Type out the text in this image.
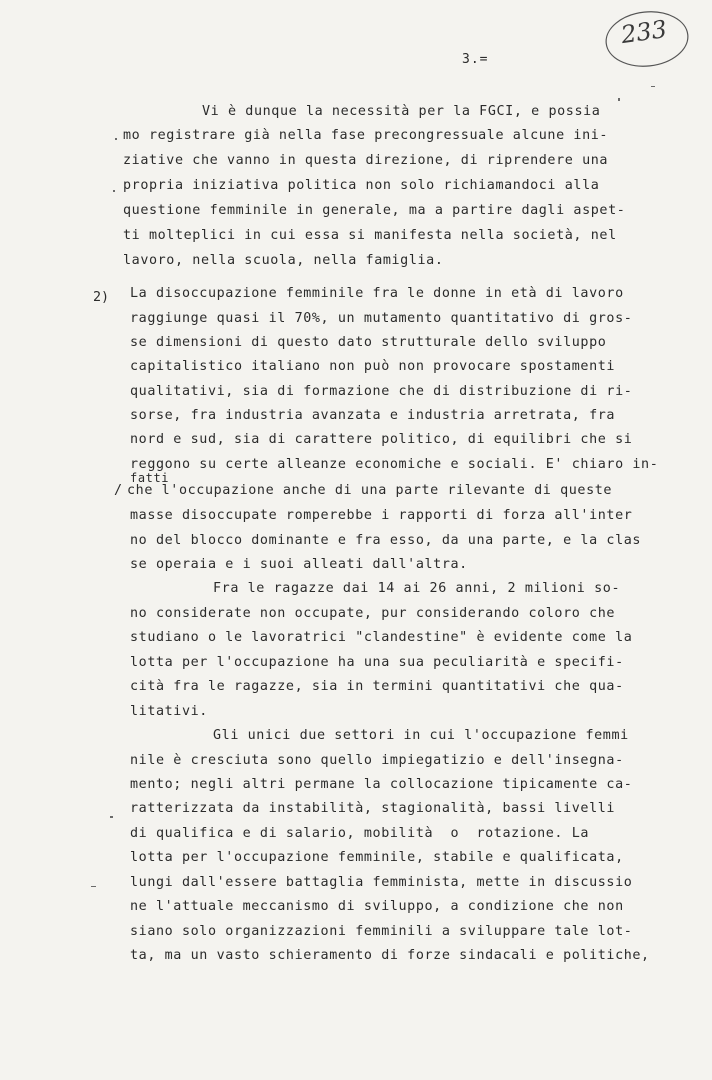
233
3.=
2)
/
Vi è dunque la necessità per la FGCI, e possia
mo registrare già nella fase precongressuale alcune ini-
ziative che vanno in questa direzione, di riprendere una
propria iniziativa politica non solo richiamandoci alla
questione femminile in generale, ma a partire dagli aspet-
ti molteplici in cui essa si manifesta nella società, nel
lavoro, nella scuola, nella famiglia.
La disoccupazione femminile fra le donne in età di lavoro
raggiunge quasi il 70%, un mutamento quantitativo di gros-
se dimensioni di questo dato strutturale dello sviluppo
capitalistico italiano non può non provocare spostamenti
qualitativi, sia di formazione che di distribuzione di ri-
sorse, fra industria avanzata e industria arretrata, fra
nord e sud, sia di carattere politico, di equilibri che si
reggono su certe alleanze economiche e sociali. E' chiaro in-
fatti
che l'occupazione anche di una parte rilevante di queste
masse disoccupate romperebbe i rapporti di forza all'inter
no del blocco dominante e fra esso, da una parte, e la clas
se operaia e i suoi alleati dall'altra.
Fra le ragazze dai 14 ai 26 anni, 2 milioni so-
no considerate non occupate, pur considerando coloro che
studiano o le lavoratrici "clandestine" è evidente come la
lotta per l'occupazione ha una sua peculiarità e specifi-
cità fra le ragazze, sia in termini quantitativi che qua-
litativi.
Gli unici due settori in cui l'occupazione femmi
nile è cresciuta sono quello impiegatizio e dell'insegna-
mento; negli altri permane la collocazione tipicamente ca-
ratterizzata da instabilità, stagionalità, bassi livelli
di qualifica e di salario, mobilità  o  rotazione. La
lotta per l'occupazione femminile, stabile e qualificata,
lungi dall'essere battaglia femminista, mette in discussio
ne l'attuale meccanismo di sviluppo, a condizione che non
siano solo organizzazioni femminili a sviluppare tale lot-
ta, ma un vasto schieramento di forze sindacali e politiche,
